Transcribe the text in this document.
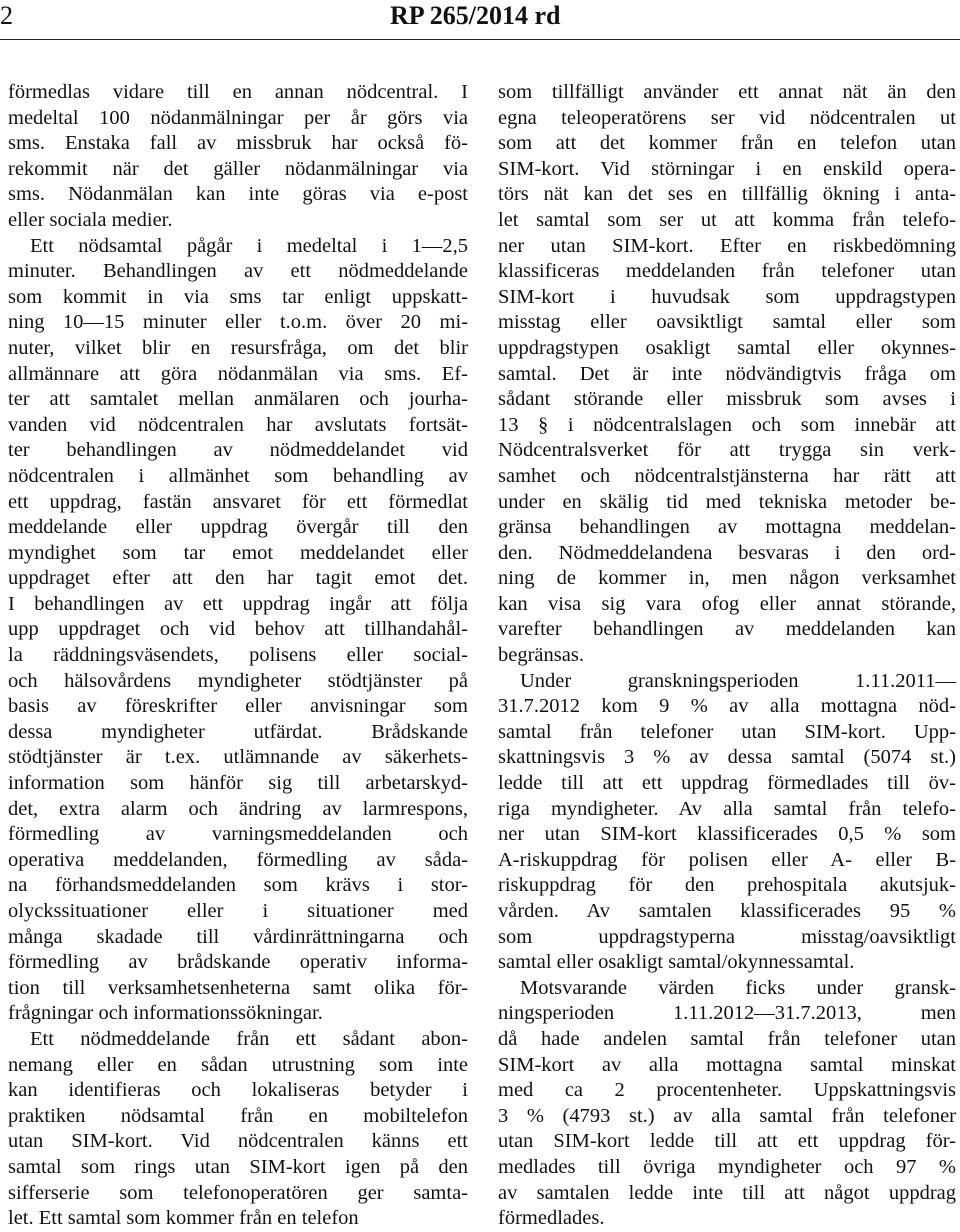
2	RP 265/2014 rd
förmedlas vidare till en annan nödcentral. I
medeltal 100 nödanmälningar per år görs via
sms. Enstaka fall av missbruk har också fö-
rekommit när det gäller nödanmälningar via
sms. Nödanmälan kan inte göras via e-post
eller sociala medier.
Ett nödsamtal pågår i medeltal i 1—2,5
minuter. Behandlingen av ett nödmeddelande
som kommit in via sms tar enligt uppskatt-
ning 10—15 minuter eller t.o.m. över 20 mi-
nuter, vilket blir en resursfråga, om det blir
allmännare att göra nödanmälan via sms. Ef-
ter att samtalet mellan anmälaren och jourha-
vanden vid nödcentralen har avslutats fortsät-
ter behandlingen av nödmeddelandet vid
nödcentralen i allmänhet som behandling av
ett uppdrag, fastän ansvaret för ett förmedlat
meddelande eller uppdrag övergår till den
myndighet som tar emot meddelandet eller
uppdraget efter att den har tagit emot det.
I behandlingen av ett uppdrag ingår att följa
upp uppdraget och vid behov att tillhandahål-
la räddningsväsendets, polisens eller social-
och hälsovårdens myndigheter stödtjänster på
basis av föreskrifter eller anvisningar som
dessa myndigheter utfärdat. Brådskande
stödtjänster är t.ex. utlämnande av säkerhets-
information som hänför sig till arbetarskyd-
det, extra alarm och ändring av larmrespons,
förmedling av varningsmeddelanden och
operativa meddelanden, förmedling av såda-
na förhandsmeddelanden som krävs i stor-
olyckssituationer eller i situationer med
många skadade till vårdinrättningarna och
förmedling av brådskande operativ informa-
tion till verksamhetsenheterna samt olika för-
frågningar och informationssökningar.
Ett nödmeddelande från ett sådant abon-
nemang eller en sådan utrustning som inte
kan identifieras och lokaliseras betyder i
praktiken nödsamtal från en mobiltelefon
utan SIM-kort. Vid nödcentralen känns ett
samtal som rings utan SIM-kort igen på den
sifferserie som telefonoperatören ger samta-
let. Ett samtal som kommer från en telefon
som tillfälligt använder ett annat nät än den
egna teleoperatörens ser vid nödcentralen ut
som att det kommer från en telefon utan
SIM-kort. Vid störningar i en enskild opera-
törs nät kan det ses en tillfällig ökning i anta-
let samtal som ser ut att komma från telefo-
ner utan SIM-kort. Efter en riskbedömning
klassificeras meddelanden från telefoner utan
SIM-kort i huvudsak som uppdragstypen
misstag eller oavsiktligt samtal eller som
uppdragstypen osakligt samtal eller okynnes-
samtal. Det är inte nödvändigtvis fråga om
sådant störande eller missbruk som avses i
13 § i nödcentralslagen och som innebär att
Nödcentralsverket för att trygga sin verk-
samhet och nödcentralstjänsterna har rätt att
under en skälig tid med tekniska metoder be-
gränsa behandlingen av mottagna meddelan-
den. Nödmeddelandena besvaras i den ord-
ning de kommer in, men någon verksamhet
kan visa sig vara ofog eller annat störande,
varefter behandlingen av meddelanden kan
begränsas.
Under granskningsperioden 1.11.2011—
31.7.2012 kom 9 % av alla mottagna nöd-
samtal från telefoner utan SIM-kort. Upp-
skattningsvis 3 % av dessa samtal (5074 st.)
ledde till att ett uppdrag förmedlades till öv-
riga myndigheter. Av alla samtal från telefo-
ner utan SIM-kort klassificerades 0,5 % som
A-riskuppdrag för polisen eller A- eller B-
riskuppdrag för den prehospitala akutsjuk-
vården. Av samtalen klassificerades 95 %
som uppdragstyperna misstag/oavsiktligt
samtal eller osakligt samtal/okynnessamtal.
Motsvarande värden ficks under gransk-
ningsperioden 1.11.2012—31.7.2013, men
då hade andelen samtal från telefoner utan
SIM-kort av alla mottagna samtal minskat
med ca 2 procentenheter. Uppskattningsvis
3 % (4793 st.) av alla samtal från telefoner
utan SIM-kort ledde till att ett uppdrag för-
medlades till övriga myndigheter och 97 %
av samtalen ledde inte till att något uppdrag
förmedlades.
